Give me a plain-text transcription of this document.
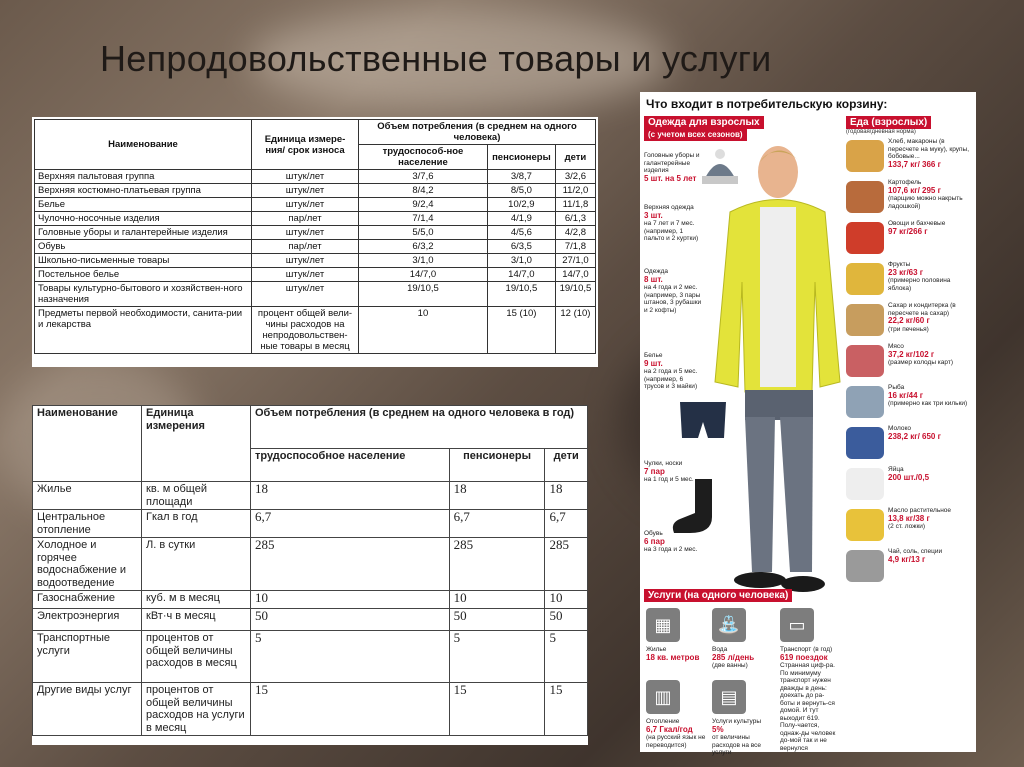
Непродовольственные товары и услуги
Наименование	Единица измере-ния/ срок износа	Объем потребления (в среднем на одного человека)		
		трудоспособ-ное население	пенсионеры	дети
Верхняя пальтовая группа	штук/лет	3/7,6	3/8,7	3/2,6
Верхняя костюмно-платьевая группа	штук/лет	8/4,2	8/5,0	11/2,0
Белье	штук/лет	9/2,4	10/2,9	11/1,8
Чулочно-носочные изделия	пар/лет	7/1,4	4/1,9	6/1,3
Головные уборы и галантерейные изделия	штук/лет	5/5,0	4/5,6	4/2,8
Обувь	пар/лет	6/3,2	6/3,5	7/1,8
Школьно-письменные товары	штук/лет	3/1,0	3/1,0	27/1,0
Постельное белье	штук/лет	14/7,0	14/7,0	14/7,0
Товары культурно-бытового и хозяйствен-ного назначения	штук/лет	19/10,5	19/10,5	19/10,5
Предметы первой необходимости, санита-рии и лекарства	процент общей вели-чины расходов на непродовольствен-ные товары в месяц	10	15 (10)	12 (10)
Наименование	Единица измерения	Объем потребления (в среднем на одного человека в год)		
		трудоспособное население	пенсионеры	дети
Жилье	кв. м общей площади	18	18	18
Центральное отопление	Гкал в год	6,7	6,7	6,7
Холодное и горячее водоснабжение и водоотведение	Л. в сутки	285	285	285
Газоснабжение	куб. м в месяц	10	10	10
Электроэнергия	кВт·ч в месяц	50	50	50
Транспортные услуги	процентов от общей величины расходов в месяц	5	5	5
Другие виды услуг	процентов от общей величины расходов на услуги в месяц	15	15	15
Что входит в потребительскую корзину:
Одежда для взрослых
(с учетом всех сезонов)
Еда (взрослых)
(годовая/дневная норма)
Головные уборы и галантерейные изделия
5 шт. на 5 лет
Верхняя одежда
3 шт.
на 7 лет и 7 мес. (например, 1 пальто и 2 куртки)
Одежда
8 шт.
на 4 года и 2 мес. (например, 3 пары штанов, 3 рубашки и 2 кофты)
Белье
9 шт.
на 2 года и 5 мес. (например, 6 трусов и 3 майки)
Чулки, носки
7 пар
на 1 год и 5 мес.
Обувь
6 пар
на 3 года и 2 мес.
Хлеб, макароны (в пересчете на муку), крупы, бобовые...
133,7 кг/ 366 г
Картофель
107,6 кг/ 295 г
(парщию можно накрыть ладошкой)
Овощи и бахчевые
97 кг/266 г
Фрукты
23 кг/63 г
(примерно половина яблока)
Сахар и кондитерка (в пересчете на сахар)
22,2 кг/60 г
(три печенья)
Мясо
37,2 кг/102 г
(размер колоды карт)
Рыба
16 кг/44 г
(примерно как три кильки)
Молоко
238,2 кг/ 650 г
Яйца
200 шт./0,5
Масло растительное
13,8 кг/38 г
(2 ст. ложки)
Чай, соль, специи
4,9 кг/13 г
Услуги (на одного человека)
▦
Жилье
18 кв. метров
⛲
Вода
285 л/день
(две ванны)
▭
Транспорт (в год)
619 поездок
Странная циф-ра. По минимуму транспорт нужен дважды в день: доехать до ра-боты и вернуть-ся домой. И тут выходит 619. Полу-чается, однаж-ды человек до-мой так и не вернулся
▥
Отопление
6,7 Гкал/год
(на русский язык не переводится)
▤
Услуги культуры
5%
от величины расходов на все услуги
